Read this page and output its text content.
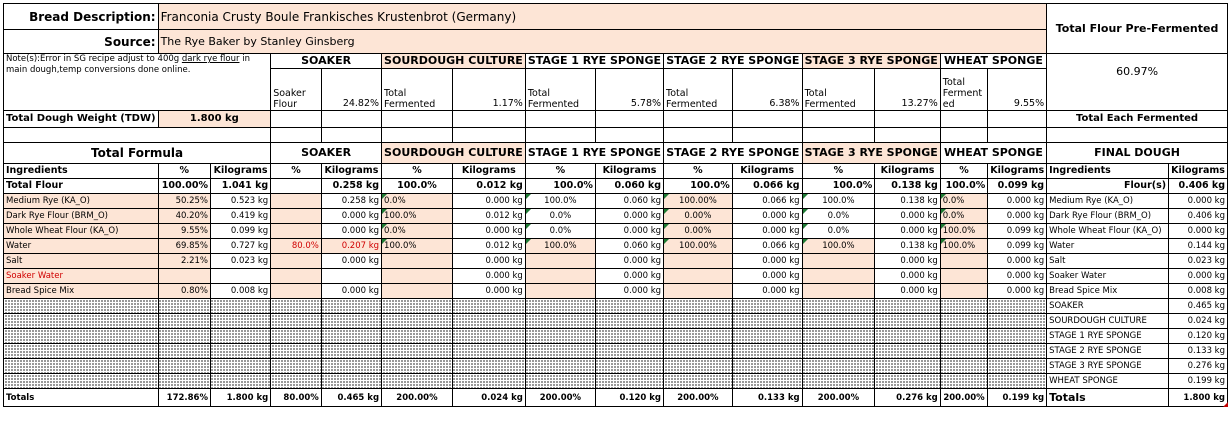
Bread Description:	Franconia Crusty Boule Frankisches Krustenbrot (Germany)														Total Flour Pre-Fermented	
Source:	The Rye Baker by Stanley Ginsberg															
Note(s):Error in SG recipe adjust to 400g dark rye flour in main dough,temp conversions done online.			SOAKER		SOURDOUGH CULTURE		STAGE 1 RYE SPONGE		STAGE 2 RYE SPONGE		STAGE 3 RYE SPONGE		WHEAT SPONGE		60.97%	
			Soaker Flour	24.82%	Total Fermented	1.17%	Total Fermented	5.78%	Total Fermented	6.38%	Total Fermented	13.27%	Total Ferment ed	9.55%		
Total Dough Weight (TDW)	1.800 kg														Total Each Fermented	

Total Formula			SOAKER		SOURDOUGH CULTURE		STAGE 1 RYE SPONGE		STAGE 2 RYE SPONGE		STAGE 3 RYE SPONGE		WHEAT SPONGE		FINAL DOUGH	
Ingredients	%	Kilograms	%	Kilograms	%	Kilograms	%	Kilograms	%	Kilograms	%	Kilograms	%	Kilograms	Ingredients	Kilograms
Total Flour	100.00%	1.041 kg		0.258 kg	100.0%	0.012 kg	100.0%	0.060 kg	100.0%	0.066 kg	100.0%	0.138 kg	100.0%	0.099 kg	Flour(s)	0.406 kg
Medium Rye (KA_O)	50.25%	0.523 kg		0.258 kg	0.0%	0.000 kg	100.0%	0.060 kg	100.00%	0.066 kg	100.0%	0.138 kg	0.0%	0.000 kg	Medium Rye (KA_O)	0.000 kg
Dark Rye Flour (BRM_O)	40.20%	0.419 kg		0.000 kg	100.0%	0.012 kg	0.0%	0.000 kg	0.00%	0.000 kg	0.0%	0.000 kg	0.0%	0.000 kg	Dark Rye Flour (BRM_O)	0.406 kg
Whole Wheat Flour (KA_O)	9.55%	0.099 kg		0.000 kg	0.0%	0.000 kg	0.0%	0.000 kg	0.00%	0.000 kg	0.0%	0.000 kg	100.0%	0.099 kg	Whole Wheat Flour (KA_O)	0.000 kg
Water	69.85%	0.727 kg	80.0%	0.207 kg	100.0%	0.012 kg	100.0%	0.060 kg	100.00%	0.066 kg	100.0%	0.138 kg	100.0%	0.099 kg	Water	0.144 kg
Salt	2.21%	0.023 kg		0.000 kg		0.000 kg		0.000 kg		0.000 kg		0.000 kg		0.000 kg	Salt	0.023 kg
Soaker Water						0.000 kg		0.000 kg		0.000 kg		0.000 kg		0.000 kg	Soaker Water	0.000 kg
Bread Spice Mix	0.80%	0.008 kg		0.000 kg		0.000 kg		0.000 kg		0.000 kg		0.000 kg		0.000 kg	Bread Spice Mix	0.008 kg
															SOAKER	0.465 kg
															SOURDOUGH CULTURE	0.024 kg
															STAGE 1 RYE SPONGE	0.120 kg
															STAGE 2 RYE SPONGE	0.133 kg
															STAGE 3 RYE SPONGE	0.276 kg
															WHEAT SPONGE	0.199 kg
Totals	172.86%	1.800 kg	80.00%	0.465 kg	200.00%	0.024 kg	200.00%	0.120 kg	200.00%	0.133 kg	200.00%	0.276 kg	200.00%	0.199 kg	Totals	1.800 kg
